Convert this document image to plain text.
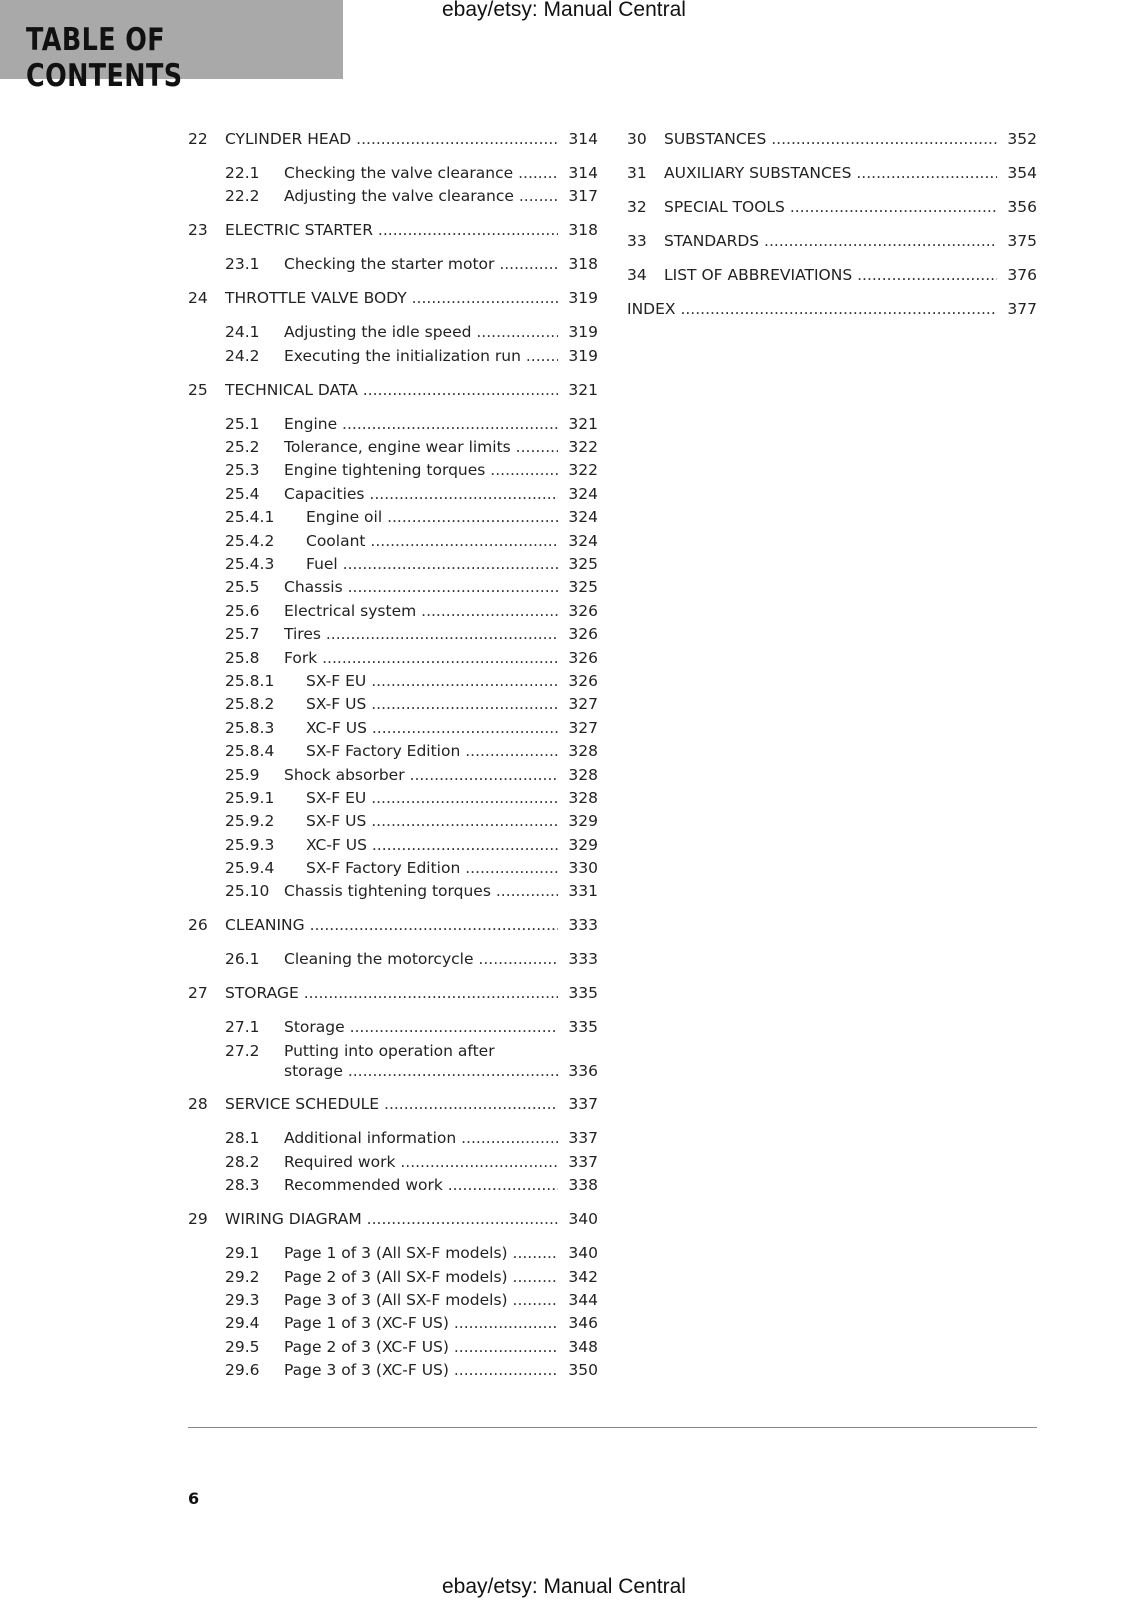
TABLE OF CONTENTS
ebay/etsy: Manual Central
22 CYLINDER HEAD .....	314
22.1 Checking the valve clearance .....	314
22.2 Adjusting the valve clearance .....	317
23 ELECTRIC STARTER .....	318
23.1 Checking the starter motor .....	318
24 THROTTLE VALVE BODY .....	319
24.1 Adjusting the idle speed .....	319
24.2 Executing the initialization run .....	319
25 TECHNICAL DATA .....	321
25.1 Engine .....	321
25.2 Tolerance, engine wear limits .....	322
25.3 Engine tightening torques .....	322
25.4 Capacities .....	324
25.4.1 Engine oil .....	324
25.4.2 Coolant .....	324
25.4.3 Fuel .....	325
25.5 Chassis .....	325
25.6 Electrical system .....	326
25.7 Tires .....	326
25.8 Fork .....	326
25.8.1 SX-F EU .....	326
25.8.2 SX-F US .....	327
25.8.3 XC-F US .....	327
25.8.4 SX-F Factory Edition .....	328
25.9 Shock absorber .....	328
25.9.1 SX-F EU .....	328
25.9.2 SX-F US .....	329
25.9.3 XC-F US .....	329
25.9.4 SX-F Factory Edition .....	330
25.10 Chassis tightening torques .....	331
26 CLEANING .....	333
26.1 Cleaning the motorcycle .....	333
27 STORAGE .....	335
27.1 Storage .....	335
27.2 Putting into operation after
storage .....	336
28 SERVICE SCHEDULE .....	337
28.1 Additional information .....	337
28.2 Required work .....	337
28.3 Recommended work .....	338
29 WIRING DIAGRAM .....	340
29.1 Page 1 of 3 (All SX-F models) .....	340
29.2 Page 2 of 3 (All SX-F models) .....	342
29.3 Page 3 of 3 (All SX-F models) .....	344
29.4 Page 1 of 3 (XC-F US) .....	346
29.5 Page 2 of 3 (XC-F US) .....	348
29.6 Page 3 of 3 (XC-F US) .....	350
30 SUBSTANCES .....	352
31 AUXILIARY SUBSTANCES .....	354
32 SPECIAL TOOLS .....	356
33 STANDARDS .....	375
34 LIST OF ABBREVIATIONS .....	376
INDEX .....	377
6
ebay/etsy: Manual Central
